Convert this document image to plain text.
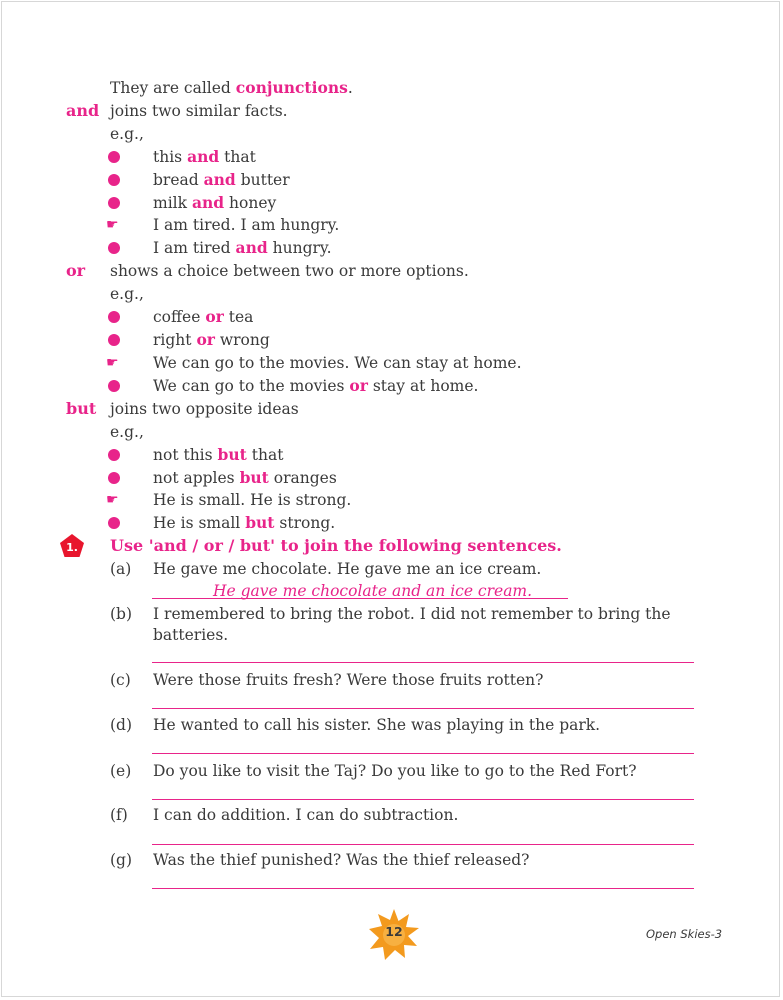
They are called conjunctions.
and joins two similar facts.
e.g.,
this and that
bread and butter
milk and honey
☛ I am tired. I am hungry.
I am tired and hungry.
or shows a choice between two or more options.
e.g.,
coffee or tea
right or wrong
☛ We can go to the movies. We can stay at home.
We can go to the movies or stay at home.
but joins two opposite ideas
e.g.,
not this but that
not apples but oranges
☛ He is small. He is strong.
He is small but strong.
1. Use 'and / or / but' to join the following sentences.
(a) He gave me chocolate. He gave me an ice cream.
He gave me chocolate and an ice cream.
(b) I remembered to bring the robot. I did not remember to bring the
batteries.
(c) Were those fruits fresh? Were those fruits rotten?
(d) He wanted to call his sister. She was playing in the park.
(e) Do you like to visit the Taj? Do you like to go to the Red Fort?
(f) I can do addition. I can do subtraction.
(g) Was the thief punished? Was the thief released?
12	Open Skies-3
